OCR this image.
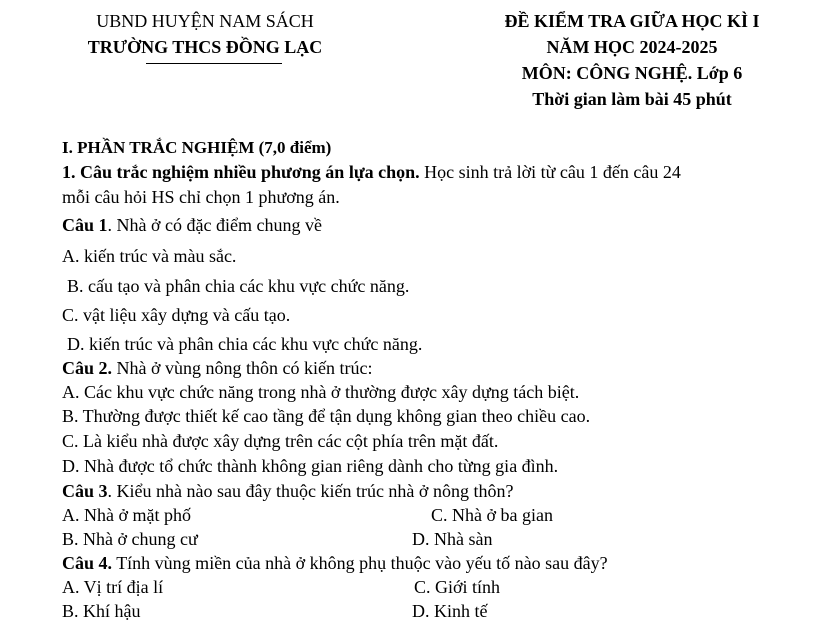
UBND HUYỆN NAM SÁCH
TRƯỜNG THCS ĐỒNG LẠC
ĐỀ KIỂM TRA GIỮA HỌC KÌ I
NĂM HỌC 2024-2025
MÔN: CÔNG NGHỆ. Lớp 6
Thời gian làm bài 45 phút
I. PHẦN TRẮC NGHIỆM (7,0 điểm)
1. Câu trắc nghiệm nhiều phương án lựa chọn. Học sinh trả lời từ câu 1 đến câu 24
mỗi câu hỏi HS chỉ chọn 1 phương án.
Câu 1. Nhà ở có đặc điểm chung về
A. kiến trúc và màu sắc.
B. cấu tạo và phân chia các khu vực chức năng.
C. vật liệu xây dựng và cấu tạo.
D. kiến trúc và phân chia các khu vực chức năng.
Câu 2. Nhà ở vùng nông thôn có kiến trúc:
A. Các khu vực chức năng trong nhà ở thường được xây dựng tách biệt.
B. Thường được thiết kế cao tầng để tận dụng không gian theo chiều cao.
C. Là kiểu nhà được xây dựng trên các cột phía trên mặt đất.
D. Nhà được tổ chức thành không gian riêng dành cho từng gia đình.
Câu 3. Kiểu nhà nào sau đây thuộc kiến trúc nhà ở nông thôn?
A. Nhà ở mặt phố	C. Nhà ở ba gian
B. Nhà ở chung cư	D. Nhà sàn
Câu 4. Tính vùng miền của nhà ở không phụ thuộc vào yếu tố nào sau đây?
A. Vị trí địa lí	C. Giới tính
B. Khí hậu	D. Kinh tế
